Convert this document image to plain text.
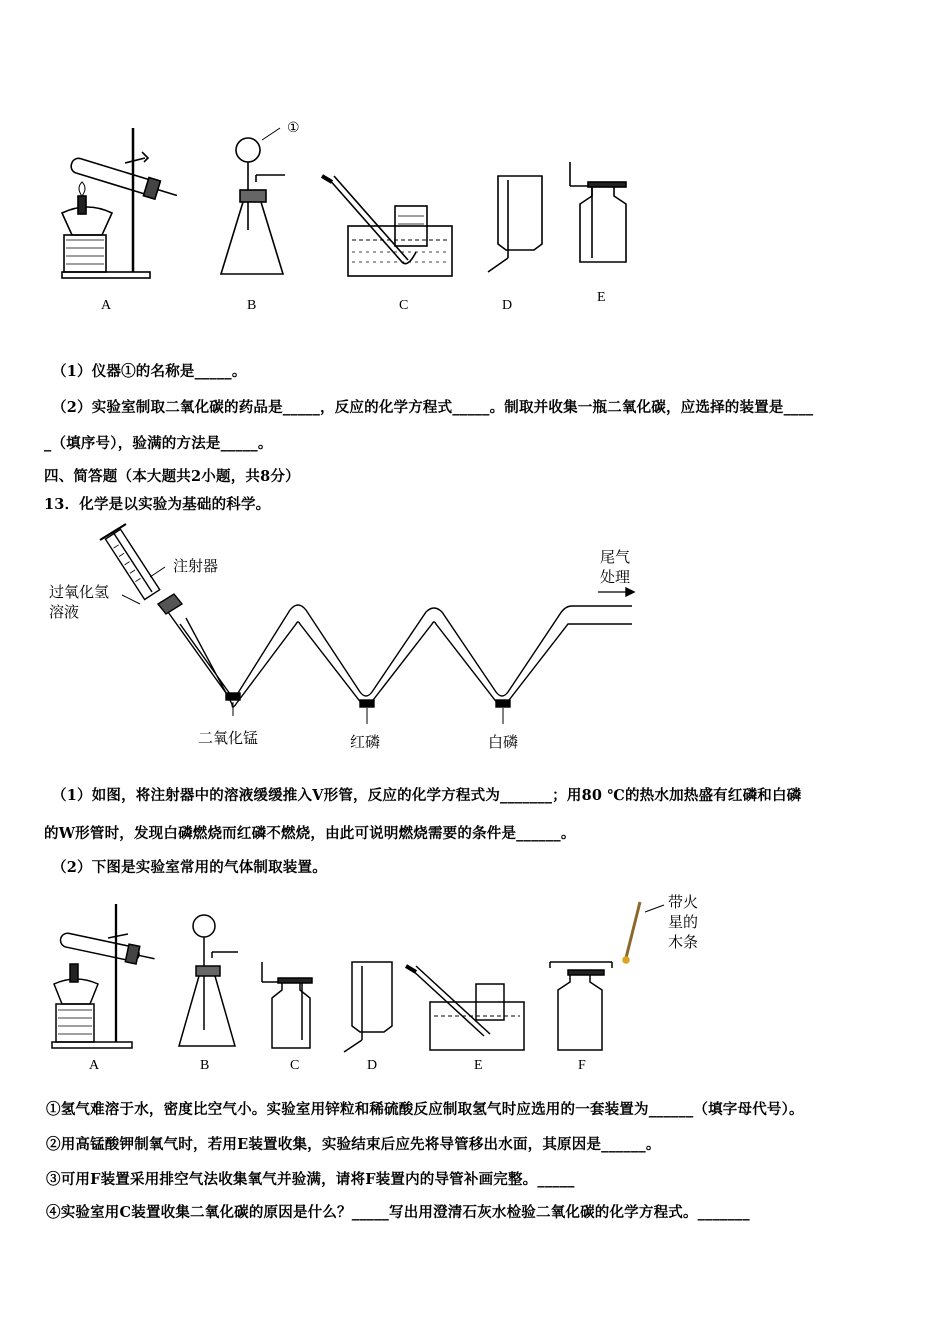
①
A	B	C	D
E
（1）仪器①的名称是_____。
（2）实验室制取二氧化碳的药品是_____，反应的化学方程式_____。制取并收集一瓶二氧化碳，应选择的装置是____
_（填序号），验满的方法是_____。
四、简答题（本大题共2小题，共8分）
13．化学是以实验为基础的科学。
注射器
过氧化氢
溶液
尾气
处理
二氧化锰	红磷	白磷
（1）如图，将注射器中的溶液缓缓推入V形管，反应的化学方程式为_______；用80 ℃的热水加热盛有红磷和白磷
的W形管时，发现白磷燃烧而红磷不燃烧，由此可说明燃烧需要的条件是______。
（2）下图是实验室常用的气体制取装置。
带火
星的
木条
A	B	C	D	E	F
①氢气难溶于水，密度比空气小。实验室用锌粒和稀硫酸反应制取氢气时应选用的一套装置为______（填字母代号）。
②用高锰酸钾制氧气时，若用E装置收集，实验结束后应先将导管移出水面，其原因是______。
③可用F装置采用排空气法收集氧气并验满，请将F装置内的导管补画完整。_____
④实验室用C装置收集二氧化碳的原因是什么？_____写出用澄清石灰水检验二氧化碳的化学方程式。_______
